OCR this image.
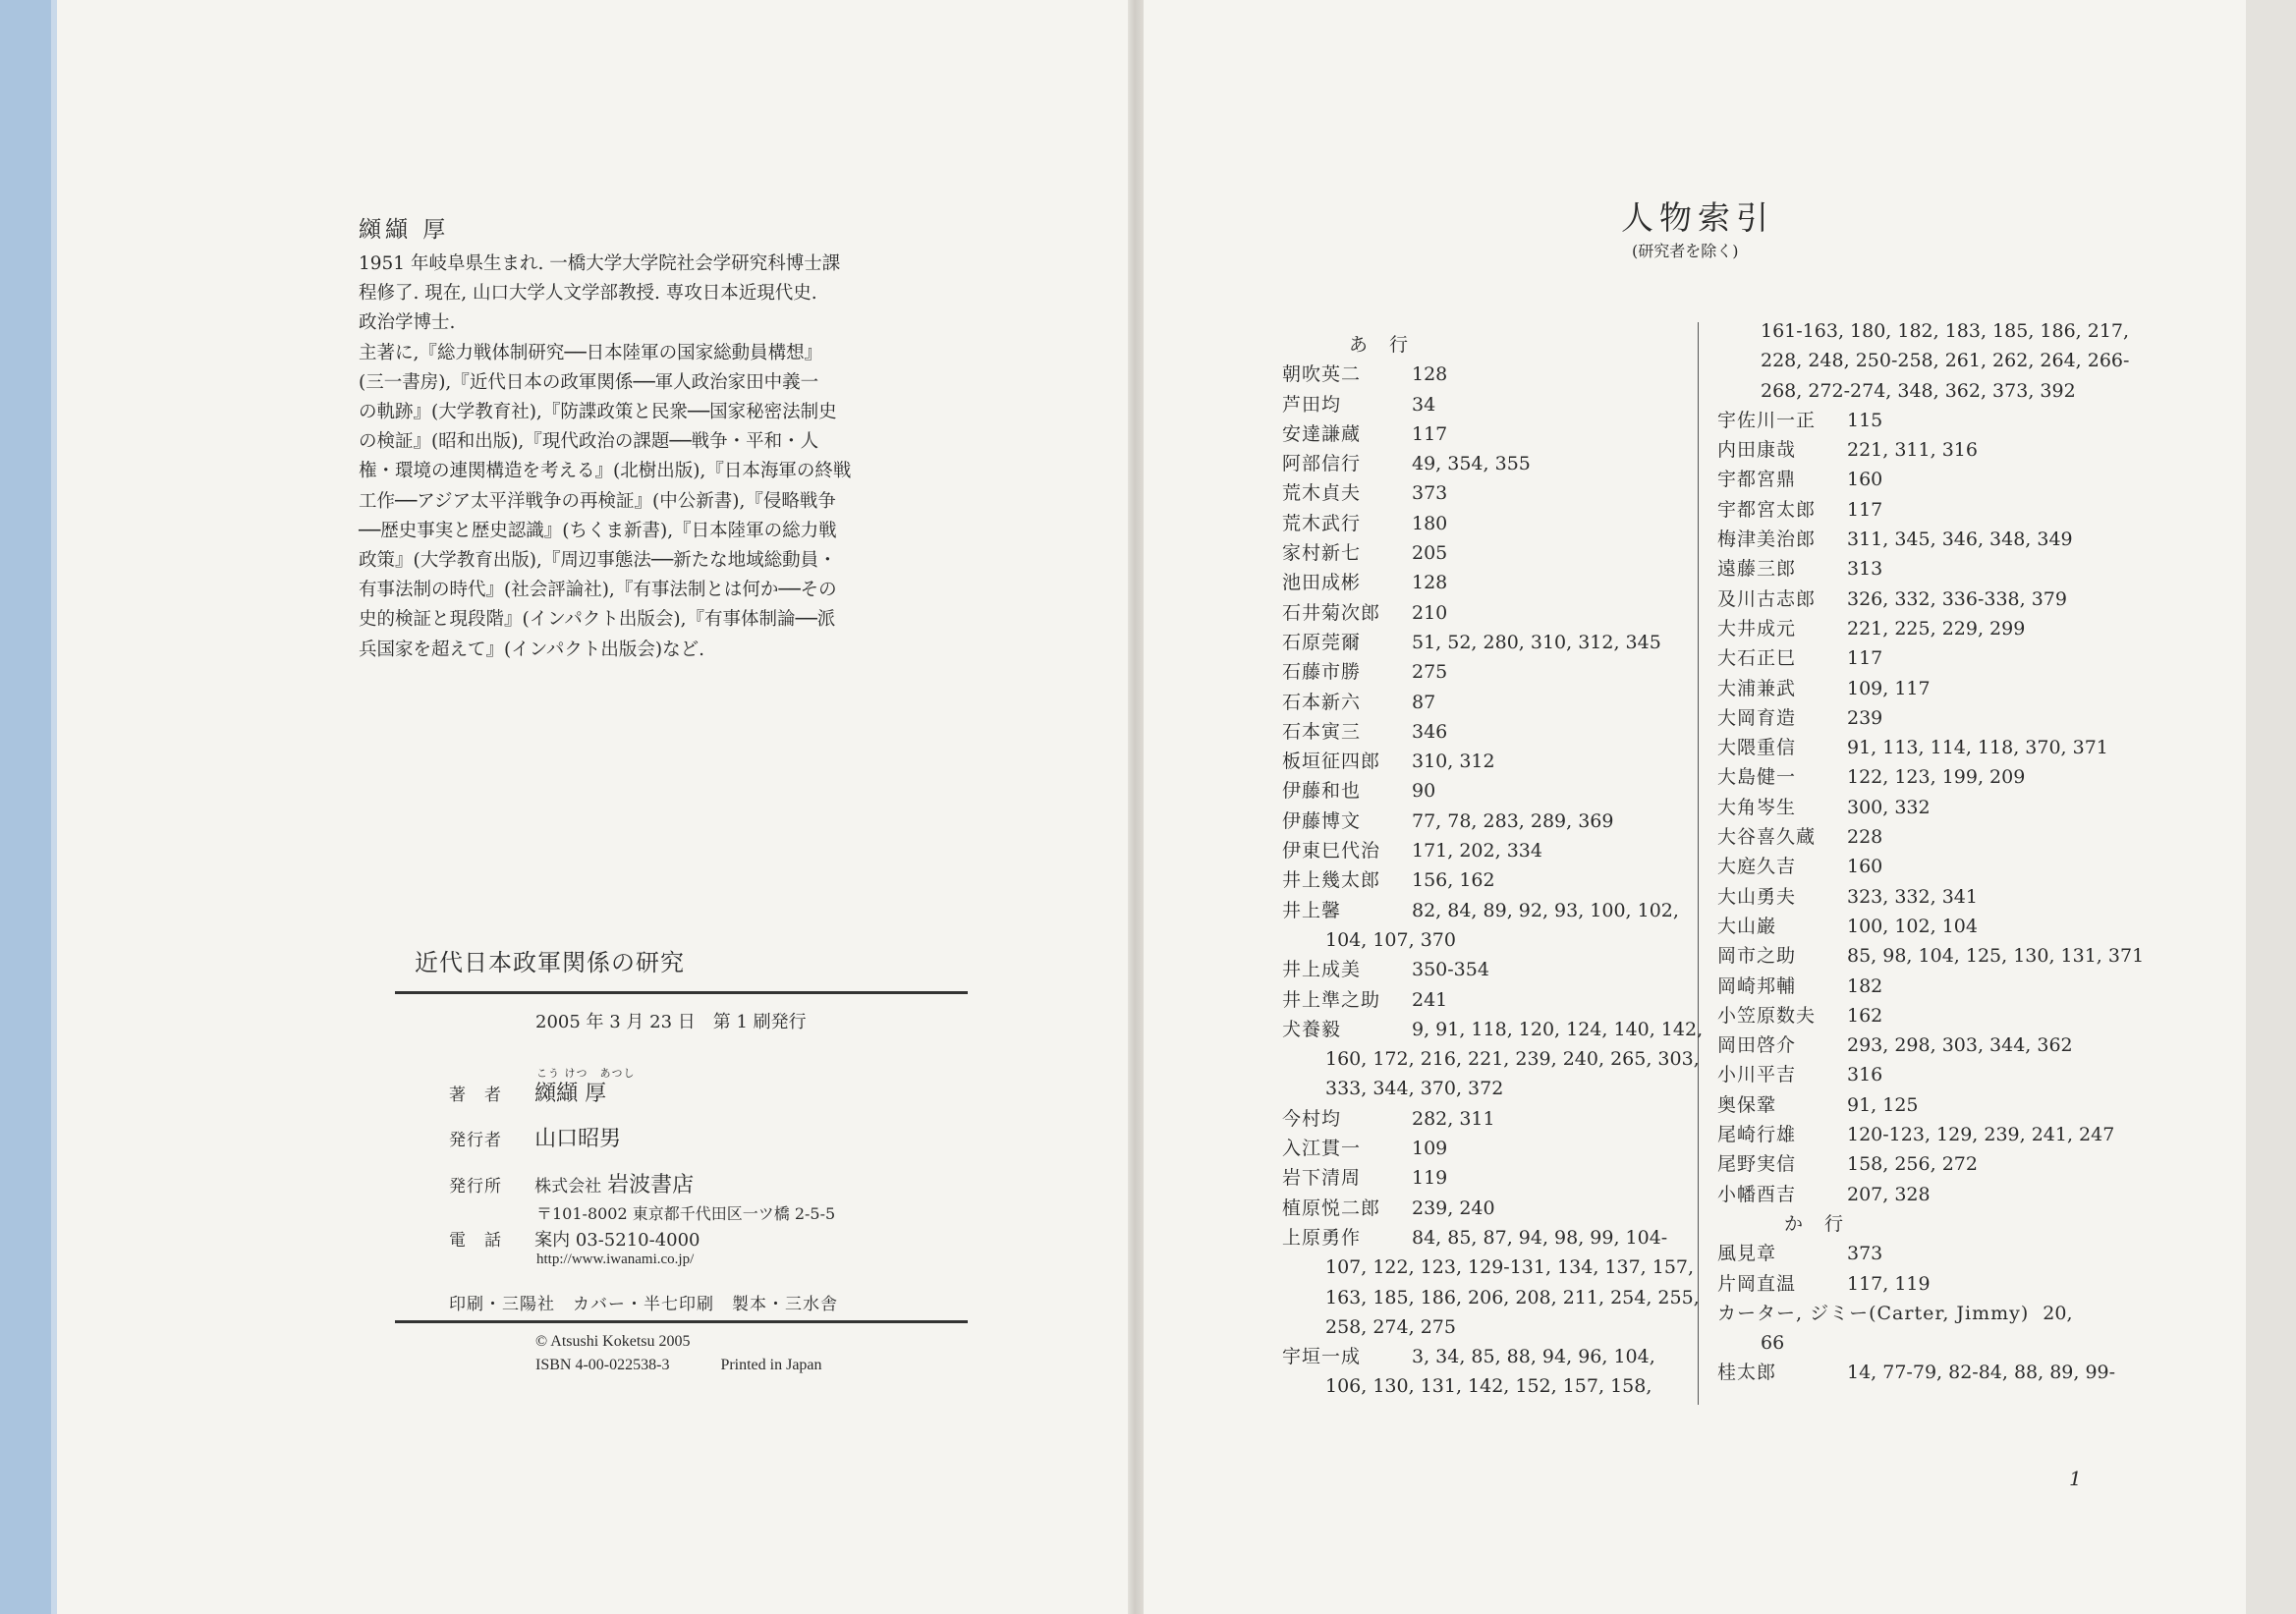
纐纈 厚
1951 年岐阜県生まれ. 一橋大学大学院社会学研究科博士課
程修了. 現在, 山口大学人文学部教授. 専攻日本近現代史.
政治学博士.
主著に,『総力戦体制研究──日本陸軍の国家総動員構想』
(三一書房),『近代日本の政軍関係──軍人政治家田中義一
の軌跡』(大学教育社),『防諜政策と民衆──国家秘密法制史
の検証』(昭和出版),『現代政治の課題──戦争・平和・人
権・環境の連関構造を考える』(北樹出版),『日本海軍の終戦
工作──アジア太平洋戦争の再検証』(中公新書),『侵略戦争
──歴史事実と歴史認識』(ちくま新書),『日本陸軍の総力戦
政策』(大学教育出版),『周辺事態法──新たな地域総動員・
有事法制の時代』(社会評論社),『有事法制とは何か──その
史的検証と現段階』(インパクト出版会),『有事体制論──派
兵国家を超えて』(インパクト出版会)など.
近代日本政軍関係の研究
2005 年 3 月 23 日　第 1 刷発行
こう けつ　あつし
著　者 纐纈 厚
発行者 山口昭男
発行所 株式会社 岩波書店
〒101-8002 東京都千代田区一ツ橋 2-5-5
電　話 案内 03-5210-4000
http://www.iwanami.co.jp/
印刷・三陽社　カバー・半七印刷　製本・三水舎
© Atsushi Koketsu 2005
ISBN 4-00-022538-3	Printed in Japan
人物索引
(研究者を除く)
あ 行
朝吹英二	128
芦田均	34
安達謙蔵	117
阿部信行	49, 354, 355
荒木貞夫	373
荒木武行	180
家村新七	205
池田成彬	128
石井菊次郎 210
石原莞爾	51, 52, 280, 310, 312, 345
石藤市勝	275
石本新六	87
石本寅三	346
板垣征四郎 310, 312
伊藤和也	90
伊藤博文	77, 78, 283, 289, 369
伊東巳代治 171, 202, 334
井上幾太郎 156, 162
井上馨	82, 84, 89, 92, 93, 100, 102,
104, 107, 370
井上成美	350-354
井上準之助 241
犬養毅	9, 91, 118, 120, 124, 140, 142,
160, 172, 216, 221, 239, 240, 265, 303,
333, 344, 370, 372
今村均	282, 311
入江貫一	109
岩下清周	119
植原悦二郎 239, 240
上原勇作	84, 85, 87, 94, 98, 99, 104-
107, 122, 123, 129-131, 134, 137, 157,
163, 185, 186, 206, 208, 211, 254, 255,
258, 274, 275
宇垣一成	3, 34, 85, 88, 94, 96, 104,
106, 130, 131, 142, 152, 157, 158,
161-163, 180, 182, 183, 185, 186, 217,
228, 248, 250-258, 261, 262, 264, 266-
268, 272-274, 348, 362, 373, 392
宇佐川一正 115
内田康哉	221, 311, 316
宇都宮鼎	160
宇都宮太郎 117
梅津美治郎 311, 345, 346, 348, 349
遠藤三郎	313
及川古志郎 326, 332, 336-338, 379
大井成元	221, 225, 229, 299
大石正巳	117
大浦兼武	109, 117
大岡育造	239
大隈重信	91, 113, 114, 118, 370, 371
大島健一	122, 123, 199, 209
大角岑生	300, 332
大谷喜久蔵 228
大庭久吉	160
大山勇夫	323, 332, 341
大山巌	100, 102, 104
岡市之助	85, 98, 104, 125, 130, 131, 371
岡崎邦輔	182
小笠原数夫 162
岡田啓介	293, 298, 303, 344, 362
小川平吉	316
奥保鞏	91, 125
尾崎行雄	120-123, 129, 239, 241, 247
尾野実信	158, 256, 272
小幡酉吉	207, 328
か 行
風見章	373
片岡直温	117, 119
カーター, ジミー(Carter, Jimmy) 20,
66
桂太郎	14, 77-79, 82-84, 88, 89, 99-
1
